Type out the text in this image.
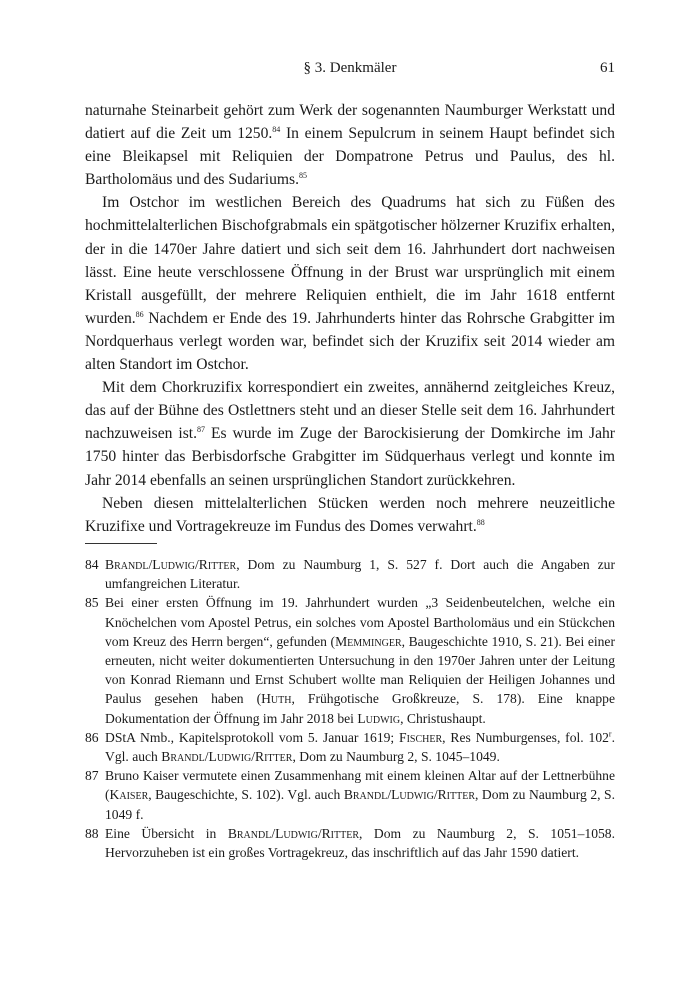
§ 3. Denkmäler	61

naturnahe Steinarbeit gehört zum Werk der sogenannten Naumburger Werkstatt und datiert auf die Zeit um 1250.84 In einem Sepulcrum in seinem Haupt befindet sich eine Bleikapsel mit Reliquien der Dompatrone Petrus und Paulus, des hl. Bartholomäus und des Sudariums.$^{85}$

Im Ostchor im westlichen Bereich des Quadrums hat sich zu Füßen des hochmittelalterlichen Bischofgrabmals ein spätgotischer hölzerner Kruzifix erhalten, der in die 1470er Jahre datiert und sich seit dem 16. Jahrhundert dort nachweisen lässt. Eine heute verschlossene Öffnung in der Brust war ursprünglich mit einem Kristall ausgefüllt, der mehrere Reliquien enthielt, die im Jahr 1618 entfernt wurden.$^{86}$ Nachdem er Ende des 19. Jahrhunderts hinter das Rohrsche Grabgitter im Nordquerhaus verlegt worden war, befindet sich der Kruzifix seit 2014 wieder am alten Standort im Ostchor.

Mit dem Chorkruzifix korrespondiert ein zweites, annähernd zeitgleiches Kreuz, das auf der Bühne des Ostlettners steht und an dieser Stelle seit dem 16. Jahrhundert nachzuweisen ist.$^{87}$ Es wurde im Zuge der Barockisierung der Domkirche im Jahr 1750 hinter das Berbisdorfsche Grabgitter im Südquerhaus verlegt und konnte im Jahr 2014 ebenfalls an seinen ursprünglichen Standort zurückkehren.

Neben diesen mittelalterlichen Stücken werden noch mehrere neuzeitliche Kruzifixe und Vortragekreuze im Fundus des Domes verwahrt.$^{88}$

84 Brandl/Ludwig/Ritter, Dom zu Naumburg 1, S. 527 f. Dort auch die Angaben zur umfangreichen Literatur.

85 Bei einer ersten Öffnung im 19. Jahrhundert wurden „3 Seidenbeutelchen, welche ein Knöchelchen vom Apostel Petrus, ein solches vom Apostel Bartholomäus und ein Stückchen vom Kreuz des Herrn bergen“, gefunden (Memminger, Baugeschichte 1910, S. 21). Bei einer erneuten, nicht weiter dokumentierten Untersuchung in den 1970er Jahren unter der Leitung von Konrad Riemann und Ernst Schubert wollte man Reliquien der Heiligen Johannes und Paulus gesehen haben (Huth, Frühgotische Großkreuze, S. 178). Eine knappe Dokumentation der Öffnung im Jahr 2018 bei Ludwig, Christushaupt.

86 DStA Nmb., Kapitelsprotokoll vom 5. Januar 1619; Fischer, Res Numburgenses, fol. 102$^r$. Vgl. auch Brandl/Ludwig/Ritter, Dom zu Naumburg 2, S. 1045–1049.

87 Bruno Kaiser vermutete einen Zusammenhang mit einem kleinen Altar auf der Lettnerbühne (Kaiser, Baugeschichte, S. 102). Vgl. auch Brandl/Ludwig/Ritter, Dom zu Naumburg 2, S. 1049 f.

88 Eine Übersicht in Brandl/Ludwig/Ritter, Dom zu Naumburg 2, S. 1051–1058. Hervorzuheben ist ein großes Vortragekreuz, das inschriftlich auf das Jahr 1590 datiert.
